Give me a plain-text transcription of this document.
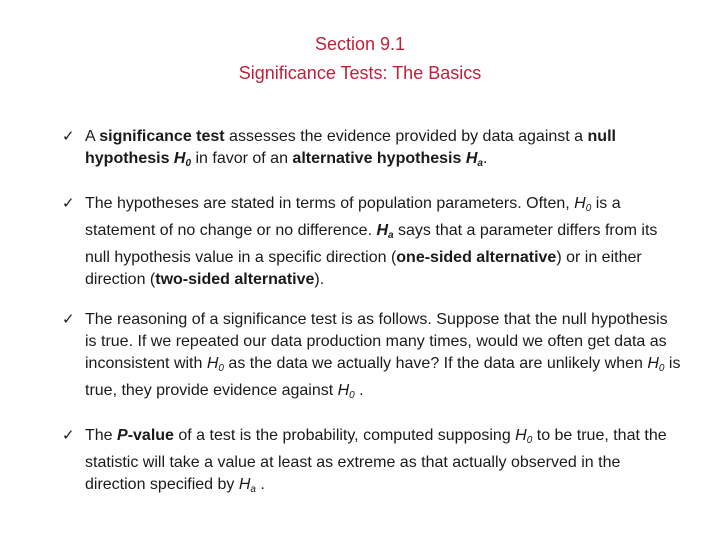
Section 9.1
Significance Tests: The Basics
✓ A significance test assesses the evidence provided by data against a null hypothesis $H_0$ in favor of an alternative hypothesis $H_a$.
✓ The hypotheses are stated in terms of population parameters. Often, $H_0$ is a statement of no change or no difference. $H_a$ says that a parameter differs from its null hypothesis value in a specific direction (one-sided alternative) or in either direction (two-sided alternative).
✓ The reasoning of a significance test is as follows. Suppose that the null hypothesis is true. If we repeated our data production many times, would we often get data as inconsistent with $H_0$ as the data we actually have? If the data are unlikely when $H_0$ is true, they provide evidence against $H_0$ .
✓ The P-value of a test is the probability, computed supposing $H_0$ to be true, that the statistic will take a value at least as extreme as that actually observed in the direction specified by $H_a$ .
